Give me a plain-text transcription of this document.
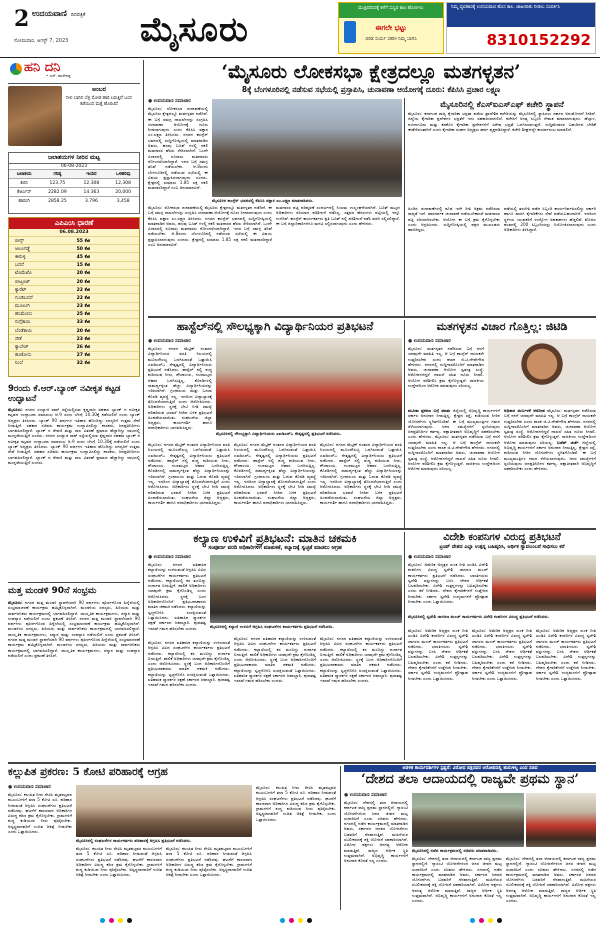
2 ಉದಯವಾಣಿ ದಿನಪತ್ರಿಕೆ
ಸೋಮವಾರ, ಆಗಸ್ಟ್ 7, 2023 ಮೈಸೂರು
ಮುಕ್ತಿಪರಿಸರಕ್ಕೆ ಕಳೆಗೆ ಸುಸ್ಥಿರ ಕಾಲ ಹೊರ್ಣಲು
ಈಗಲೇ ಭಟ್ಟು
ಬಿರಿಡ ಸುರ್ಯ ಸಹನೀ ನಿಮ್ಮ ಬಾಗಿಸಿ
ನಿಮ್ಮ ವ್ಯವಹಾರಕ್ಕೆ ಉದಯವಾಣಿ ಹೊಸ ಕಾಲ. ಜಾಹೀರಾತು ನೀಡಲು ಸಂಪರ್ಕಿಸಿ
8310152292
ಹನಿ ದನಿ
• ಎಸ್. ಹುಸೇನಪ್ಪ
ಅಂಬರ
ನೀಲಿ ಬಾನಿನ ಬೆಳ್ಳಿ ಮೋಡ ಹಾರಿ ಬರುತ್ತಿದೆ ಬಂದ ಕಡೆಯಿಂದ ಮತ್ತೆ ಹೊರಟಿದೆ
ಜಲಾಶಯಗಳ ನೀರಿನ ಮಟ್ಟ
06-08-2023
ಜಲಾಶಯ	ಗರಿಷ್ಠ	ಇಂದಿನ	ಒಳಹರಿವು
ಕಬಿನಿ	123.75	12.308	12,308
ಕೆಆರ್ಎಸ್	2282.09	14.363	20,000
ಹಾರಂಗಿ	2858.25	3.796	3,458
ಎಪಿಎಂಸಿ ಧಾರಣೆ
06.08.2023
ಬೀನ್ಸ್	55 ಕೆಜಿ
ಆಲೂಗಡ್ಡೆ	50 ಕೆಜಿ
ಈರುಳ್ಳಿ	45 ಕೆಜಿ
ಬದನೆ	15 ಕೆಜಿ
ಟೊಮೆಟೊ	20 ಕೆಜಿ
ಬೀಟ್ರೂಟ್	20 ಕೆಜಿ
ಕ್ಯಾರೆಟ್	22 ಕೆಜಿ
ಗುಂಡಿಬದನೆ	22 ಕೆಜಿ
ಮೂಲಂಗಿ	23 ಕೆಜಿ
ಹಸಿಮೆಣಸು	25 ಕೆಜಿ
ನುಗ್ಗೆಕಾಯಿ	33 ಕೆಜಿ
ಬೆಂಡೆಕಾಯಿ	20 ಕೆಜಿ
ಸೌತೆ	23 ಕೆಜಿ
ಕ್ಯಾಬೇಜ್	26 ಕೆಜಿ
ಹೂಕೋಸು	27 ಕೆಜಿ
ನಿಂಬೆ	32 ಕೆಜಿ
9ರಂದು ಕೆ.ಆರ್.ಬ್ಯಾಂಕ್ ನವೀಕೃತ ಕಟ್ಟಡ ಉದ್ಘಾಟನೆ
ಮೈಸೂರು: ನಗರದ ಸಯ್ಯಾಜಿ ರಾವ್ ರಸ್ತೆಯಲ್ಲಿರುವ ಕೃಷ್ಣರಾಜ ಸಹಕಾರ ಬ್ಯಾಂಕ್ ನ ನವೀಕೃತ ಕಟ್ಟಡದ ಉದ್ಘಾಟನಾ ಸಮಾರಂಭ ಆ.9 ರಂದು ಬೆಳಗ್ಗೆ 10.30ಕ್ಕೆ ನಡೆಯಲಿದೆ ಎಂದು ಬ್ಯಾಂಕ್ ಅಧ್ಯಕ್ಷರು ತಿಳಿಸಿದರು. ಬ್ಯಾಂಕ್ 90 ವರ್ಷಗಳ ಇತಿಹಾಸ ಹೊಂದಿದ್ದು ಸದಸ್ಯರಿಗೆ ಉತ್ತಮ ಸೇವೆ ನೀಡುತ್ತಿದೆ. ಸಹಕಾರ ಸಚಿವರು ಕಾರ್ಯಕ್ರಮ ಉದ್ಘಾಟಿಸಲಿದ್ದು ಶಾಸಕರು, ಜನಪ್ರತಿನಿಧಿಗಳು ಭಾಗವಹಿಸಲಿದ್ದಾರೆ. ಬ್ಯಾಂಕ್ ನ ಠೇವಣಿ ಮತ್ತು ಸಾಲ ವಿತರಣೆ ಪ್ರಮಾಣ ಹೆಚ್ಚಾಗಿದ್ದು ಲಾಭದಲ್ಲಿ ಮುನ್ನಡೆಯುತ್ತಿದೆ ಎಂದರು. ನಗರದ ಸಯ್ಯಾಜಿ ರಾವ್ ರಸ್ತೆಯಲ್ಲಿರುವ ಕೃಷ್ಣರಾಜ ಸಹಕಾರ ಬ್ಯಾಂಕ್ ನ ನವೀಕೃತ ಕಟ್ಟಡದ ಉದ್ಘಾಟನಾ ಸಮಾರಂಭ ಆ.9 ರಂದು ಬೆಳಗ್ಗೆ 10.30ಕ್ಕೆ ನಡೆಯಲಿದೆ ಎಂದು ಬ್ಯಾಂಕ್ ಅಧ್ಯಕ್ಷರು ತಿಳಿಸಿದರು. ಬ್ಯಾಂಕ್ 90 ವರ್ಷಗಳ ಇತಿಹಾಸ ಹೊಂದಿದ್ದು ಸದಸ್ಯರಿಗೆ ಉತ್ತಮ ಸೇವೆ ನೀಡುತ್ತಿದೆ. ಸಹಕಾರ ಸಚಿವರು ಕಾರ್ಯಕ್ರಮ ಉದ್ಘಾಟಿಸಲಿದ್ದು ಶಾಸಕರು, ಜನಪ್ರತಿನಿಧಿಗಳು ಭಾಗವಹಿಸಲಿದ್ದಾರೆ. ಬ್ಯಾಂಕ್ ನ ಠೇವಣಿ ಮತ್ತು ಸಾಲ ವಿತರಣೆ ಪ್ರಮಾಣ ಹೆಚ್ಚಾಗಿದ್ದು ಲಾಭದಲ್ಲಿ ಮುನ್ನಡೆಯುತ್ತಿದೆ ಎಂದರು.
ಮತ್ತ ಮಂಡಳಿ 90ನೆ ಸಂಭ್ರಮ
ಮೈಸೂರು: ನಗರದ ಮತ್ತ ಮಂಡಳಿ ಸ್ಥಾಪನೆಯಾಗಿ 90 ವರ್ಷಗಳು ಪೂರ್ಣಗೊಂಡ ಹಿನ್ನೆಲೆಯಲ್ಲಿ ಸಂಭ್ರಮಾಚರಣೆ ಕಾರ್ಯಕ್ರಮ ಹಮ್ಮಿಕೊಳ್ಳಲಾಗಿದೆ. ಮಂಡಳಿಯ ಸದಸ್ಯರು, ಹಿರಿಯರು ಮತ್ತು ಸಾರ್ವಜನಿಕರು ಕಾರ್ಯಕ್ರಮದಲ್ಲಿ ಭಾಗವಹಿಸಲಿದ್ದಾರೆ. ಸಾಂಸ್ಕೃತಿಕ ಕಾರ್ಯಕ್ರಮಗಳು, ಸನ್ಮಾನ ಮತ್ತು ಉಪನ್ಯಾಸ ನಡೆಯಲಿದೆ ಎಂದು ಪ್ರಕಟಣೆ ತಿಳಿಸಿದೆ. ನಗರದ ಮತ್ತ ಮಂಡಳಿ ಸ್ಥಾಪನೆಯಾಗಿ 90 ವರ್ಷಗಳು ಪೂರ್ಣಗೊಂಡ ಹಿನ್ನೆಲೆಯಲ್ಲಿ ಸಂಭ್ರಮಾಚರಣೆ ಕಾರ್ಯಕ್ರಮ ಹಮ್ಮಿಕೊಳ್ಳಲಾಗಿದೆ. ಮಂಡಳಿಯ ಸದಸ್ಯರು, ಹಿರಿಯರು ಮತ್ತು ಸಾರ್ವಜನಿಕರು ಕಾರ್ಯಕ್ರಮದಲ್ಲಿ ಭಾಗವಹಿಸಲಿದ್ದಾರೆ. ಸಾಂಸ್ಕೃತಿಕ ಕಾರ್ಯಕ್ರಮಗಳು, ಸನ್ಮಾನ ಮತ್ತು ಉಪನ್ಯಾಸ ನಡೆಯಲಿದೆ ಎಂದು ಪ್ರಕಟಣೆ ತಿಳಿಸಿದೆ. ನಗರದ ಮತ್ತ ಮಂಡಳಿ ಸ್ಥಾಪನೆಯಾಗಿ 90 ವರ್ಷಗಳು ಪೂರ್ಣಗೊಂಡ ಹಿನ್ನೆಲೆಯಲ್ಲಿ ಸಂಭ್ರಮಾಚರಣೆ ಕಾರ್ಯಕ್ರಮ ಹಮ್ಮಿಕೊಳ್ಳಲಾಗಿದೆ. ಮಂಡಳಿಯ ಸದಸ್ಯರು, ಹಿರಿಯರು ಮತ್ತು ಸಾರ್ವಜನಿಕರು ಕಾರ್ಯಕ್ರಮದಲ್ಲಿ ಭಾಗವಹಿಸಲಿದ್ದಾರೆ. ಸಾಂಸ್ಕೃತಿಕ ಕಾರ್ಯಕ್ರಮಗಳು, ಸನ್ಮಾನ ಮತ್ತು ಉಪನ್ಯಾಸ ನಡೆಯಲಿದೆ ಎಂದು ಪ್ರಕಟಣೆ ತಿಳಿಸಿದೆ.
‘ಮೈಸೂರು ಲೋಕಸಭಾ ಕ್ಷೇತ್ರದಲ್ಲೂ ಮತಗಳ್ಳತನ’
8ಕ್ಕೆ ಬೆಂಗಳೂರಿನಲ್ಲಿ ನಡೆಸುವ ಸಭೆಯಲ್ಲಿ ಪ್ರಸ್ತಾಪಿಸಿ, ಚುನಾವಣಾ ಆಯೋಗಕ್ಕೆ ದೂರು: ಕೆಪಿಸಿಸಿ ಪ್ರಚಾರ ಲಕ್ಷ್ಮಣ
● ಉದಯವಾಣಿ ಸಮಾಚಾರ
ಮೈಸೂರು: ಲೋಕಸಭಾ ಚುನಾವಣೆಯಲ್ಲಿ ಮೈಸೂರು ಕ್ಷೇತ್ರದಲ್ಲೂ ಮತಗಳ್ಳತನ ನಡೆದಿದೆ. ಈ ಬಗ್ಗೆ ಸಮಗ್ರ ದಾಖಲೆಗಳನ್ನು ಸಂಗ್ರಹಿಸಿ ಚುನಾವಣಾ ಆಯೋಗಕ್ಕೆ ದೂರು ನೀಡಲಾಗುವುದು ಎಂದು ಕೆಪಿಸಿಸಿ ವಕ್ತಾರ ಎಂ.ಲಕ್ಷ್ಮಣ ತಿಳಿಸಿದರು. ನಗರದ ಕಾಂಗ್ರೆಸ್ ಭವನದಲ್ಲಿ ಸುದ್ದಿಗೋಷ್ಠಿಯಲ್ಲಿ ಮಾತನಾಡಿದ ಅವರು, ಹಲವು ಬೂತ್ ಗಳಲ್ಲಿ ನಕಲಿ ಮತದಾರರ ಹೆಸರು ಸೇರಿಸಲಾಗಿದೆ. ಒಂದೇ ವಿಳಾಸದಲ್ಲಿ ನೂರಾರು ಮತದಾರರು ನೋಂದಣಿಯಾಗಿದ್ದಾರೆ. ಇದರ ಬಗ್ಗೆ ಸಮಗ್ರ ತನಿಖೆ ನಡೆಯಬೇಕು. ಆ.8ರಂದು ಬೆಂಗಳೂರಿನಲ್ಲಿ ನಡೆಯುವ ಸಭೆಯಲ್ಲಿ ಈ ವಿಷಯ ಪ್ರಸ್ತಾಪಿಸಲಾಗುವುದು ಎಂದರು. ಕ್ಷೇತ್ರದಲ್ಲಿ ಸುಮಾರು 1.85 ಲಕ್ಷ ನಕಲಿ ಮತದಾರರಿದ್ದಾರೆ ಎಂಬ ಅನುಮಾನವಿದೆ.
ಮೈಸೂರಿನ ಕಾಂಗ್ರೆಸ್ ಭವನದಲ್ಲಿ ಕೆಪಿಸಿಸಿ ವಕ್ತಾರ ಎಂ.ಲಕ್ಷ್ಮಣ ಮಾತನಾಡಿದರು.
ಮೈಸೂರು: ಲೋಕಸಭಾ ಚುನಾವಣೆಯಲ್ಲಿ ಮೈಸೂರು ಕ್ಷೇತ್ರದಲ್ಲೂ ಮತಗಳ್ಳತನ ನಡೆದಿದೆ. ಈ ಬಗ್ಗೆ ಸಮಗ್ರ ದಾಖಲೆಗಳನ್ನು ಸಂಗ್ರಹಿಸಿ ಚುನಾವಣಾ ಆಯೋಗಕ್ಕೆ ದೂರು ನೀಡಲಾಗುವುದು ಎಂದು ಕೆಪಿಸಿಸಿ ವಕ್ತಾರ ಎಂ.ಲಕ್ಷ್ಮಣ ತಿಳಿಸಿದರು. ನಗರದ ಕಾಂಗ್ರೆಸ್ ಭವನದಲ್ಲಿ ಸುದ್ದಿಗೋಷ್ಠಿಯಲ್ಲಿ ಮಾತನಾಡಿದ ಅವರು, ಹಲವು ಬೂತ್ ಗಳಲ್ಲಿ ನಕಲಿ ಮತದಾರರ ಹೆಸರು ಸೇರಿಸಲಾಗಿದೆ. ಒಂದೇ ವಿಳಾಸದಲ್ಲಿ ನೂರಾರು ಮತದಾರರು ನೋಂದಣಿಯಾಗಿದ್ದಾರೆ. ಇದರ ಬಗ್ಗೆ ಸಮಗ್ರ ತನಿಖೆ ನಡೆಯಬೇಕು. ಆ.8ರಂದು ಬೆಂಗಳೂರಿನಲ್ಲಿ ನಡೆಯುವ ಸಭೆಯಲ್ಲಿ ಈ ವಿಷಯ ಪ್ರಸ್ತಾಪಿಸಲಾಗುವುದು ಎಂದರು. ಕ್ಷೇತ್ರದಲ್ಲಿ ಸುಮಾರು 1.85 ಲಕ್ಷ ನಕಲಿ ಮತದಾರರಿದ್ದಾರೆ ಎಂಬ ಅನುಮಾನವಿದೆ.
ಮತದಾರರ ಪಟ್ಟಿ ಪರಿಷ್ಕರಣೆ ಸಂದರ್ಭದಲ್ಲಿ ನಿಯಮ ಉಲ್ಲಂಘನೆಯಾಗಿದೆ. ಬೂತ್ ಮಟ್ಟದ ಅಧಿಕಾರಿಗಳು ಸರಿಯಾದ ಪರಿಶೀಲನೆ ನಡೆಸಿಲ್ಲ. ಸತ್ತವರ ಹೆಸರುಗಳು ಪಟ್ಟಿಯಲ್ಲಿ ಇನ್ನೂ ಉಳಿದಿವೆ. ಕಾಂಗ್ರೆಸ್ ಕಾರ್ಯಕರ್ತರು ಪ್ರತಿ ಬೂತ್ ನಲ್ಲಿ ಪರಿಶೀಲನೆ ನಡೆಸಿ ವರದಿ ಸಲ್ಲಿಸಲಿದ್ದಾರೆ. ಈ ಬಗ್ಗೆ ಜಿಲ್ಲಾಧಿಕಾರಿಗಳಿಗೂ ಮನವಿ ಸಲ್ಲಿಸಲಾಗುವುದು ಎಂದು ಹೇಳಿದರು.
ಮೈಸೂರಿನಲ್ಲಿ ಕೆಎಸ್‌ಐಎಸ್ಎಫ್ ಕಚೇರಿ ಸ್ಥಾಪನೆ
ಮೈಸೂರು: ಕರ್ನಾಟಕ ರಾಜ್ಯ ಕೈಗಾರಿಕಾ ಭದ್ರತಾ ಪಡೆಯ ಪ್ರಾದೇಶಿಕ ಕಚೇರಿಯನ್ನು ಮೈಸೂರಿನಲ್ಲಿ ಸ್ಥಾಪಿಸಲು ಸರ್ಕಾರ ಅನುಮೋದನೆ ನೀಡಿದೆ. ಜಿಲ್ಲೆಯ ಕೈಗಾರಿಕಾ ಪ್ರದೇಶಗಳ ಭದ್ರತೆಗೆ ಇದು ಸಹಕಾರಿಯಾಗಲಿದೆ. ಕಚೇರಿಗೆ ಅಗತ್ಯ ಸಿಬ್ಬಂದಿ ನೇಮಕ ಮಾಡಲಾಗುವುದು. ಹೆಬ್ಬಾಳ, ನಂಜನಗೂಡು ಮತ್ತು ಕಡಕೊಳ ಕೈಗಾರಿಕಾ ಪ್ರದೇಶಗಳಿಗೆ ವಿಶೇಷ ಭದ್ರತೆ ಒದಗಿಸಲಾಗುತ್ತದೆ. ಉದ್ದಿಮೆದಾರರ ಬಹುದಿನದ ಬೇಡಿಕೆ ಈಡೇರಿದಂತಾಗಿದೆ ಎಂದು ಕೈಗಾರಿಕಾ ಸಂಘದ ಅಧ್ಯಕ್ಷರು ಹರ್ಷ ವ್ಯಕ್ತಪಡಿಸಿದ್ದಾರೆ. ಕಚೇರಿ ಶೀಘ್ರದಲ್ಲೇ ಕಾರ್ಯಾರಂಭ ಮಾಡಲಿದೆ.
ಹಿಂದಿನ ಚುನಾವಣೆಗಳಲ್ಲಿ ಕೂಡ ಇದೇ ರೀತಿ ಅಕ್ರಮ ನಡೆದಿರುವ ಸಾಧ್ಯತೆ ಇದೆ. ಪಾರದರ್ಶಕ ಚುನಾವಣೆ ನಡೆಯಬೇಕಾದರೆ ಮತದಾರರ ಪಟ್ಟಿ ಸರಿಯಾಗಿರಬೇಕು. ಆಯೋಗ ಈ ಬಗ್ಗೆ ಕ್ರಮ ಕೈಗೊಳ್ಳಬೇಕು ಎಂದು ಆಗ್ರಹಿಸಿದರು. ಸುದ್ದಿಗೋಷ್ಠಿಯಲ್ಲಿ ಪಕ್ಷದ ಮುಖಂಡರು ಹಾಜರಿದ್ದರು.
ಪಡೆಯಲ್ಲಿ ತರಬೇತಿ ಪಡೆದ ಸಿಬ್ಬಂದಿ ಕಾರ್ಯನಿರ್ವಹಿಸಲಿದ್ದು ಸರ್ಕಾರಿ ಹಾಗೂ ಖಾಸಗಿ ಕೈಗಾರಿಕೆಗಳು ಸೇವೆ ಪಡೆಯಬಹುದಾಗಿದೆ. ಇದರಿಂದ ಸ್ಥಳೀಯ ಯುವಕರಿಗೆ ಉದ್ಯೋಗ ಅವಕಾಶಗಳು ಹೆಚ್ಚಲಿವೆ. ಮೊದಲ ಹಂತದಲ್ಲಿ 200 ಸಿಬ್ಬಂದಿಯನ್ನು ನಿಯೋಜಿಸಲಾಗುವುದು ಎಂದು ಅಧಿಕಾರಿಗಳು ತಿಳಿಸಿದ್ದಾರೆ.
ಹಾಸ್ಟೆಲ್‌ನಲ್ಲಿ ಸೌಲಭ್ಯಕ್ಕಾಗಿ ವಿದ್ಯಾರ್ಥಿನಿಯರ ಪ್ರತಿಭಟನೆ
● ಉದಯವಾಣಿ ಸಮಾಚಾರ
ಮೈಸೂರು: ನಗರದ ಮೆಟ್ರಿಕ್ ನಂತರದ ವಿದ್ಯಾರ್ಥಿನಿಯರ ವಸತಿ ನಿಲಯದಲ್ಲಿ ಮೂಲಸೌಲಭ್ಯ ಒದಗಿಸುವಂತೆ ಒತ್ತಾಯಿಸಿ ಎಐಡಿಎಸ್ಒ ನೇತೃತ್ವದಲ್ಲಿ ವಿದ್ಯಾರ್ಥಿನಿಯರು ಪ್ರತಿಭಟನೆ ನಡೆಸಿದರು. ಹಾಸ್ಟೆಲ್ ನಲ್ಲಿ ಶುದ್ಧ ಕುಡಿಯುವ ನೀರು, ಶೌಚಾಲಯ, ಗುಣಮಟ್ಟದ ಆಹಾರ ಒದಗಿಸುತ್ತಿಲ್ಲ. ಕೊಠಡಿಗಳಲ್ಲಿ ಸಾಮರ್ಥ್ಯಕ್ಕಿಂತ ಹೆಚ್ಚು ವಿದ್ಯಾರ್ಥಿನಿಯರನ್ನು ಇರಿಸಲಾಗಿದೆ. ಗ್ರಂಥಾಲಯ ಮತ್ತು ಓದುವ ಕೊಠಡಿ ವ್ಯವಸ್ಥೆ ಇಲ್ಲ. ಇದರಿಂದ ವಿದ್ಯಾಭ್ಯಾಸಕ್ಕೆ ತೊಂದರೆಯಾಗುತ್ತಿದೆ ಎಂದು ಆರೋಪಿಸಿದರು. ಅಧಿಕಾರಿಗಳು ಸ್ಥಳಕ್ಕೆ ಭೇಟಿ ನೀಡಿ ಸಮಸ್ಯೆ ಪರಿಹರಿಸುವ ಭರವಸೆ ನೀಡಿದ ಬಳಿಕ ಪ್ರತಿಭಟನೆ ಹಿಂಪಡೆಯಲಾಯಿತು. ಸಂಘಟನೆಯ ಜಿಲ್ಲಾ ಅಧ್ಯಕ್ಷರು, ಕಾರ್ಯದರ್ಶಿ ಹಾಗೂ ಪದಾಧಿಕಾರಿಗಳು ಭಾಗವಹಿಸಿದ್ದರು.
ಮೈಸೂರಿನಲ್ಲಿ ಸೌಲಭ್ಯಕ್ಕಾಗಿ ವಿದ್ಯಾರ್ಥಿನಿಯರು ಎಐಡಿಎಸ್ಒ ನೇತೃತ್ವದಲ್ಲಿ ಪ್ರತಿಭಟನೆ ನಡೆಸಿದರು.
ಮೈಸೂರು: ನಗರದ ಮೆಟ್ರಿಕ್ ನಂತರದ ವಿದ್ಯಾರ್ಥಿನಿಯರ ವಸತಿ ನಿಲಯದಲ್ಲಿ ಮೂಲಸೌಲಭ್ಯ ಒದಗಿಸುವಂತೆ ಒತ್ತಾಯಿಸಿ ಎಐಡಿಎಸ್ಒ ನೇತೃತ್ವದಲ್ಲಿ ವಿದ್ಯಾರ್ಥಿನಿಯರು ಪ್ರತಿಭಟನೆ ನಡೆಸಿದರು. ಹಾಸ್ಟೆಲ್ ನಲ್ಲಿ ಶುದ್ಧ ಕುಡಿಯುವ ನೀರು, ಶೌಚಾಲಯ, ಗುಣಮಟ್ಟದ ಆಹಾರ ಒದಗಿಸುತ್ತಿಲ್ಲ. ಕೊಠಡಿಗಳಲ್ಲಿ ಸಾಮರ್ಥ್ಯಕ್ಕಿಂತ ಹೆಚ್ಚು ವಿದ್ಯಾರ್ಥಿನಿಯರನ್ನು ಇರಿಸಲಾಗಿದೆ. ಗ್ರಂಥಾಲಯ ಮತ್ತು ಓದುವ ಕೊಠಡಿ ವ್ಯವಸ್ಥೆ ಇಲ್ಲ. ಇದರಿಂದ ವಿದ್ಯಾಭ್ಯಾಸಕ್ಕೆ ತೊಂದರೆಯಾಗುತ್ತಿದೆ ಎಂದು ಆರೋಪಿಸಿದರು. ಅಧಿಕಾರಿಗಳು ಸ್ಥಳಕ್ಕೆ ಭೇಟಿ ನೀಡಿ ಸಮಸ್ಯೆ ಪರಿಹರಿಸುವ ಭರವಸೆ ನೀಡಿದ ಬಳಿಕ ಪ್ರತಿಭಟನೆ ಹಿಂಪಡೆಯಲಾಯಿತು. ಸಂಘಟನೆಯ ಜಿಲ್ಲಾ ಅಧ್ಯಕ್ಷರು, ಕಾರ್ಯದರ್ಶಿ ಹಾಗೂ ಪದಾಧಿಕಾರಿಗಳು ಭಾಗವಹಿಸಿದ್ದರು.
ಮೈಸೂರು: ನಗರದ ಮೆಟ್ರಿಕ್ ನಂತರದ ವಿದ್ಯಾರ್ಥಿನಿಯರ ವಸತಿ ನಿಲಯದಲ್ಲಿ ಮೂಲಸೌಲಭ್ಯ ಒದಗಿಸುವಂತೆ ಒತ್ತಾಯಿಸಿ ಎಐಡಿಎಸ್ಒ ನೇತೃತ್ವದಲ್ಲಿ ವಿದ್ಯಾರ್ಥಿನಿಯರು ಪ್ರತಿಭಟನೆ ನಡೆಸಿದರು. ಹಾಸ್ಟೆಲ್ ನಲ್ಲಿ ಶುದ್ಧ ಕುಡಿಯುವ ನೀರು, ಶೌಚಾಲಯ, ಗುಣಮಟ್ಟದ ಆಹಾರ ಒದಗಿಸುತ್ತಿಲ್ಲ. ಕೊಠಡಿಗಳಲ್ಲಿ ಸಾಮರ್ಥ್ಯಕ್ಕಿಂತ ಹೆಚ್ಚು ವಿದ್ಯಾರ್ಥಿನಿಯರನ್ನು ಇರಿಸಲಾಗಿದೆ. ಗ್ರಂಥಾಲಯ ಮತ್ತು ಓದುವ ಕೊಠಡಿ ವ್ಯವಸ್ಥೆ ಇಲ್ಲ. ಇದರಿಂದ ವಿದ್ಯಾಭ್ಯಾಸಕ್ಕೆ ತೊಂದರೆಯಾಗುತ್ತಿದೆ ಎಂದು ಆರೋಪಿಸಿದರು. ಅಧಿಕಾರಿಗಳು ಸ್ಥಳಕ್ಕೆ ಭೇಟಿ ನೀಡಿ ಸಮಸ್ಯೆ ಪರಿಹರಿಸುವ ಭರವಸೆ ನೀಡಿದ ಬಳಿಕ ಪ್ರತಿಭಟನೆ ಹಿಂಪಡೆಯಲಾಯಿತು. ಸಂಘಟನೆಯ ಜಿಲ್ಲಾ ಅಧ್ಯಕ್ಷರು, ಕಾರ್ಯದರ್ಶಿ ಹಾಗೂ ಪದಾಧಿಕಾರಿಗಳು ಭಾಗವಹಿಸಿದ್ದರು.
ಮೈಸೂರು: ನಗರದ ಮೆಟ್ರಿಕ್ ನಂತರದ ವಿದ್ಯಾರ್ಥಿನಿಯರ ವಸತಿ ನಿಲಯದಲ್ಲಿ ಮೂಲಸೌಲಭ್ಯ ಒದಗಿಸುವಂತೆ ಒತ್ತಾಯಿಸಿ ಎಐಡಿಎಸ್ಒ ನೇತೃತ್ವದಲ್ಲಿ ವಿದ್ಯಾರ್ಥಿನಿಯರು ಪ್ರತಿಭಟನೆ ನಡೆಸಿದರು. ಹಾಸ್ಟೆಲ್ ನಲ್ಲಿ ಶುದ್ಧ ಕುಡಿಯುವ ನೀರು, ಶೌಚಾಲಯ, ಗುಣಮಟ್ಟದ ಆಹಾರ ಒದಗಿಸುತ್ತಿಲ್ಲ. ಕೊಠಡಿಗಳಲ್ಲಿ ಸಾಮರ್ಥ್ಯಕ್ಕಿಂತ ಹೆಚ್ಚು ವಿದ್ಯಾರ್ಥಿನಿಯರನ್ನು ಇರಿಸಲಾಗಿದೆ. ಗ್ರಂಥಾಲಯ ಮತ್ತು ಓದುವ ಕೊಠಡಿ ವ್ಯವಸ್ಥೆ ಇಲ್ಲ. ಇದರಿಂದ ವಿದ್ಯಾಭ್ಯಾಸಕ್ಕೆ ತೊಂದರೆಯಾಗುತ್ತಿದೆ ಎಂದು ಆರೋಪಿಸಿದರು. ಅಧಿಕಾರಿಗಳು ಸ್ಥಳಕ್ಕೆ ಭೇಟಿ ನೀಡಿ ಸಮಸ್ಯೆ ಪರಿಹರಿಸುವ ಭರವಸೆ ನೀಡಿದ ಬಳಿಕ ಪ್ರತಿಭಟನೆ ಹಿಂಪಡೆಯಲಾಯಿತು. ಸಂಘಟನೆಯ ಜಿಲ್ಲಾ ಅಧ್ಯಕ್ಷರು, ಕಾರ್ಯದರ್ಶಿ ಹಾಗೂ ಪದಾಧಿಕಾರಿಗಳು ಭಾಗವಹಿಸಿದ್ದರು.
ಮತಗಳ್ಳತನ ವಿಚಾರ ಗೊತ್ತಿಲ್ಲ: ಜಿಟಿಡಿ
● ಉದಯವಾಣಿ ಸಮಾಚಾರ
ಮೈಸೂರು: ಮತಗಳ್ಳತನ ನಡೆದಿರುವ ಬಗ್ಗೆ ನನಗೆ ಯಾವುದೇ ಮಾಹಿತಿ ಇಲ್ಲ. ಆ ಬಗ್ಗೆ ಕಾಂಗ್ರೆಸ್ ನಾಯಕರೇ ಉತ್ತರಿಸಬೇಕು ಎಂದು ಶಾಸಕ ಜಿ.ಟಿ.ದೇವೇಗೌಡ ಹೇಳಿದರು. ನಗರದಲ್ಲಿ ಸುದ್ದಿಗಾರರೊಂದಿಗೆ ಮಾತನಾಡಿದ ಅವರು, ಚುನಾವಣಾ ಆಯೋಗ ಸ್ವತಂತ್ರ ಸಂಸ್ಥೆ. ಆರೋಪಗಳಿದ್ದರೆ ದಾಖಲೆ ಸಹಿತ ದೂರು ನೀಡಲಿ. ಆಯೋಗ ಪರಿಶೀಲಿಸಿ ಕ್ರಮ ಕೈಗೊಳ್ಳುತ್ತದೆ. ರಾಜಕೀಯ ಉದ್ದೇಶದಿಂದ ಆರೋಪ ಮಾಡುವುದು ಸರಿಯಲ್ಲ.
ಮೂಡಾ ಪ್ರಕರಣ ಬಗ್ಗೆ ಮಾತು ಜಿಲ್ಲೆಯಲ್ಲಿ ಅಭಿವೃದ್ಧಿ ಕಾರ್ಯಗಳಿಗೆ ಸರ್ಕಾರ ಅನುದಾನ ನೀಡುತ್ತಿಲ್ಲ. ಕ್ಷೇತ್ರದ ರಸ್ತೆ, ಕುಡಿಯುವ ನೀರಿನ ಯೋಜನೆಗಳು ಸ್ಥಗಿತಗೊಂಡಿವೆ. ಈ ಬಗ್ಗೆ ಮುಖ್ಯಮಂತ್ರಿಗಳ ಗಮನ ಸೆಳೆಯಲಾಗುವುದು. ಜನರ ಸಮಸ್ಯೆಗಳಿಗೆ ಸ್ಪಂದಿಸುವುದು ಜನಪ್ರತಿನಿಧಿಗಳ ಕರ್ತವ್ಯ. ಪಕ್ಷಾತೀತವಾಗಿ ಅಭಿವೃದ್ಧಿಗೆ ಸಹಕರಿಸಬೇಕು ಎಂದು ಹೇಳಿದರು. ಮೈಸೂರು: ಮತಗಳ್ಳತನ ನಡೆದಿರುವ ಬಗ್ಗೆ ನನಗೆ ಯಾವುದೇ ಮಾಹಿತಿ ಇಲ್ಲ. ಆ ಬಗ್ಗೆ ಕಾಂಗ್ರೆಸ್ ನಾಯಕರೇ ಉತ್ತರಿಸಬೇಕು ಎಂದು ಶಾಸಕ ಜಿ.ಟಿ.ದೇವೇಗೌಡ ಹೇಳಿದರು. ನಗರದಲ್ಲಿ ಸುದ್ದಿಗಾರರೊಂದಿಗೆ ಮಾತನಾಡಿದ ಅವರು, ಚುನಾವಣಾ ಆಯೋಗ ಸ್ವತಂತ್ರ ಸಂಸ್ಥೆ. ಆರೋಪಗಳಿದ್ದರೆ ದಾಖಲೆ ಸಹಿತ ದೂರು ನೀಡಲಿ. ಆಯೋಗ ಪರಿಶೀಲಿಸಿ ಕ್ರಮ ಕೈಗೊಳ್ಳುತ್ತದೆ. ರಾಜಕೀಯ ಉದ್ದೇಶದಿಂದ ಆರೋಪ ಮಾಡುವುದು ಸರಿಯಲ್ಲ.
ಅಧಿಕಾರ ದುರ್ಬಳಕೆ ಆರೋಪ ಮೈಸೂರು: ಮತಗಳ್ಳತನ ನಡೆದಿರುವ ಬಗ್ಗೆ ನನಗೆ ಯಾವುದೇ ಮಾಹಿತಿ ಇಲ್ಲ. ಆ ಬಗ್ಗೆ ಕಾಂಗ್ರೆಸ್ ನಾಯಕರೇ ಉತ್ತರಿಸಬೇಕು ಎಂದು ಶಾಸಕ ಜಿ.ಟಿ.ದೇವೇಗೌಡ ಹೇಳಿದರು. ನಗರದಲ್ಲಿ ಸುದ್ದಿಗಾರರೊಂದಿಗೆ ಮಾತನಾಡಿದ ಅವರು, ಚುನಾವಣಾ ಆಯೋಗ ಸ್ವತಂತ್ರ ಸಂಸ್ಥೆ. ಆರೋಪಗಳಿದ್ದರೆ ದಾಖಲೆ ಸಹಿತ ದೂರು ನೀಡಲಿ. ಆಯೋಗ ಪರಿಶೀಲಿಸಿ ಕ್ರಮ ಕೈಗೊಳ್ಳುತ್ತದೆ. ರಾಜಕೀಯ ಉದ್ದೇಶದಿಂದ ಆರೋಪ ಮಾಡುವುದು ಸರಿಯಲ್ಲ. ಬಜೆಟ್ ಚರ್ಚೆ ಜಿಲ್ಲೆಯಲ್ಲಿ ಅಭಿವೃದ್ಧಿ ಕಾರ್ಯಗಳಿಗೆ ಸರ್ಕಾರ ಅನುದಾನ ನೀಡುತ್ತಿಲ್ಲ. ಕ್ಷೇತ್ರದ ರಸ್ತೆ, ಕುಡಿಯುವ ನೀರಿನ ಯೋಜನೆಗಳು ಸ್ಥಗಿತಗೊಂಡಿವೆ. ಈ ಬಗ್ಗೆ ಮುಖ್ಯಮಂತ್ರಿಗಳ ಗಮನ ಸೆಳೆಯಲಾಗುವುದು. ಜನರ ಸಮಸ್ಯೆಗಳಿಗೆ ಸ್ಪಂದಿಸುವುದು ಜನಪ್ರತಿನಿಧಿಗಳ ಕರ್ತವ್ಯ. ಪಕ್ಷಾತೀತವಾಗಿ ಅಭಿವೃದ್ಧಿಗೆ ಸಹಕರಿಸಬೇಕು ಎಂದು ಹೇಳಿದರು.
ಕಲ್ಯಾಣ ಉಳಿವಿಗೆ ಪ್ರತಿಭಟನೆ: ಮಾತಿನ ಚಕಮಕಿ
ಸಂಪೂರ್ಣ ವರದಿ ಅಧಿಕಾರಿಗಳಿಗೆ ಮಾತುಕತೆ, ಕಲ್ಯಾಣಕ್ಕೆ ಸ್ವಚ್ಛತೆ ಮಾಡಲು ಆಗ್ರಹ
● ಉದಯವಾಣಿ ಸಮಾಚಾರ
ಮೈಸೂರು: ನಗರದ ಐತಿಹಾಸಿಕ ಕಲ್ಯಾಣಿಯನ್ನು ಉಳಿಸುವಂತೆ ಆಗ್ರಹಿಸಿ ವಿವಿಧ ಸಂಘಟನೆಗಳ ಕಾರ್ಯಕರ್ತರು ಪ್ರತಿಭಟನೆ ನಡೆಸಿದರು. ಕಲ್ಯಾಣಿಯಲ್ಲಿ ಕಸ ತುಂಬಿದ್ದು ದುರ್ನಾತ ಬೀರುತ್ತಿದೆ. ಪಾಲಿಕೆ ಅಧಿಕಾರಿಗಳು ಯಾವುದೇ ಕ್ರಮ ಕೈಗೊಂಡಿಲ್ಲ ಎಂದು ಆರೋಪಿಸಿದರು. ಸ್ಥಳಕ್ಕೆ ಬಂದ ಅಧಿಕಾರಿಗಳೊಂದಿಗೆ ಪ್ರತಿಭಟನಾಕಾರರು ಮಾತಿನ ಚಕಮಕಿ ನಡೆಸಿದರು. ಕಲ್ಯಾಣಿಯನ್ನು ಸ್ವಚ್ಛಗೊಳಿಸಿ ಸಂರಕ್ಷಿಸುವಂತೆ ಒತ್ತಾಯಿಸಿದರು. ಐತಿಹಾಸಿಕ ಸ್ಮಾರಕಗಳ ರಕ್ಷಣೆ ಸರ್ಕಾರದ ಜವಾಬ್ದಾರಿ. ಪುರಾತತ್ವ ಇಲಾಖೆ ಗಮನ ಹರಿಸಬೇಕು ಎಂದರು.	ಮೈಸೂರಿನಲ್ಲಿ ಕಲ್ಯಾಣಿ ಉಳಿವಿಗೆ ಆಗ್ರಹಿಸಿ ಸಂಘಟನೆಗಳ ಕಾರ್ಯಕರ್ತರು ಪ್ರತಿಭಟನೆ ನಡೆಸಿದರು.
ಮೈಸೂರು: ನಗರದ ಐತಿಹಾಸಿಕ ಕಲ್ಯಾಣಿಯನ್ನು ಉಳಿಸುವಂತೆ ಆಗ್ರಹಿಸಿ ವಿವಿಧ ಸಂಘಟನೆಗಳ ಕಾರ್ಯಕರ್ತರು ಪ್ರತಿಭಟನೆ ನಡೆಸಿದರು. ಕಲ್ಯಾಣಿಯಲ್ಲಿ ಕಸ ತುಂಬಿದ್ದು ದುರ್ನಾತ ಬೀರುತ್ತಿದೆ. ಪಾಲಿಕೆ ಅಧಿಕಾರಿಗಳು ಯಾವುದೇ ಕ್ರಮ ಕೈಗೊಂಡಿಲ್ಲ ಎಂದು ಆರೋಪಿಸಿದರು. ಸ್ಥಳಕ್ಕೆ ಬಂದ ಅಧಿಕಾರಿಗಳೊಂದಿಗೆ ಪ್ರತಿಭಟನಾಕಾರರು ಮಾತಿನ ಚಕಮಕಿ ನಡೆಸಿದರು. ಕಲ್ಯಾಣಿಯನ್ನು ಸ್ವಚ್ಛಗೊಳಿಸಿ ಸಂರಕ್ಷಿಸುವಂತೆ ಒತ್ತಾಯಿಸಿದರು. ಐತಿಹಾಸಿಕ ಸ್ಮಾರಕಗಳ ರಕ್ಷಣೆ ಸರ್ಕಾರದ ಜವಾಬ್ದಾರಿ. ಪುರಾತತ್ವ ಇಲಾಖೆ ಗಮನ ಹರಿಸಬೇಕು ಎಂದರು.
ಮೈಸೂರು: ನಗರದ ಐತಿಹಾಸಿಕ ಕಲ್ಯಾಣಿಯನ್ನು ಉಳಿಸುವಂತೆ ಆಗ್ರಹಿಸಿ ವಿವಿಧ ಸಂಘಟನೆಗಳ ಕಾರ್ಯಕರ್ತರು ಪ್ರತಿಭಟನೆ ನಡೆಸಿದರು. ಕಲ್ಯಾಣಿಯಲ್ಲಿ ಕಸ ತುಂಬಿದ್ದು ದುರ್ನಾತ ಬೀರುತ್ತಿದೆ. ಪಾಲಿಕೆ ಅಧಿಕಾರಿಗಳು ಯಾವುದೇ ಕ್ರಮ ಕೈಗೊಂಡಿಲ್ಲ ಎಂದು ಆರೋಪಿಸಿದರು. ಸ್ಥಳಕ್ಕೆ ಬಂದ ಅಧಿಕಾರಿಗಳೊಂದಿಗೆ ಪ್ರತಿಭಟನಾಕಾರರು ಮಾತಿನ ಚಕಮಕಿ ನಡೆಸಿದರು. ಕಲ್ಯಾಣಿಯನ್ನು ಸ್ವಚ್ಛಗೊಳಿಸಿ ಸಂರಕ್ಷಿಸುವಂತೆ ಒತ್ತಾಯಿಸಿದರು. ಐತಿಹಾಸಿಕ ಸ್ಮಾರಕಗಳ ರಕ್ಷಣೆ ಸರ್ಕಾರದ ಜವಾಬ್ದಾರಿ. ಪುರಾತತ್ವ ಇಲಾಖೆ ಗಮನ ಹರಿಸಬೇಕು ಎಂದರು.
ಮೈಸೂರು: ನಗರದ ಐತಿಹಾಸಿಕ ಕಲ್ಯಾಣಿಯನ್ನು ಉಳಿಸುವಂತೆ ಆಗ್ರಹಿಸಿ ವಿವಿಧ ಸಂಘಟನೆಗಳ ಕಾರ್ಯಕರ್ತರು ಪ್ರತಿಭಟನೆ ನಡೆಸಿದರು. ಕಲ್ಯಾಣಿಯಲ್ಲಿ ಕಸ ತುಂಬಿದ್ದು ದುರ್ನಾತ ಬೀರುತ್ತಿದೆ. ಪಾಲಿಕೆ ಅಧಿಕಾರಿಗಳು ಯಾವುದೇ ಕ್ರಮ ಕೈಗೊಂಡಿಲ್ಲ ಎಂದು ಆರೋಪಿಸಿದರು. ಸ್ಥಳಕ್ಕೆ ಬಂದ ಅಧಿಕಾರಿಗಳೊಂದಿಗೆ ಪ್ರತಿಭಟನಾಕಾರರು ಮಾತಿನ ಚಕಮಕಿ ನಡೆಸಿದರು. ಕಲ್ಯಾಣಿಯನ್ನು ಸ್ವಚ್ಛಗೊಳಿಸಿ ಸಂರಕ್ಷಿಸುವಂತೆ ಒತ್ತಾಯಿಸಿದರು. ಐತಿಹಾಸಿಕ ಸ್ಮಾರಕಗಳ ರಕ್ಷಣೆ ಸರ್ಕಾರದ ಜವಾಬ್ದಾರಿ. ಪುರಾತತ್ವ ಇಲಾಖೆ ಗಮನ ಹರಿಸಬೇಕು ಎಂದರು.
ವಿದೇಶಿ ಕಂಪನಿಗಳ ವಿರುದ್ಧ ಪ್ರತಿಭಟನೆ
ಟ್ರಂಪ್ ದೇಶದ ಎಲ್ಲಾ ಉತ್ಪನ್ನ ಬಹಿಷ್ಕರಿಸಿ, ಆರ್ಥಿಕ ಸ್ವಾವಲಂಬನೆ ಸಾಧಿಸಲು ಕರೆ
● ಉದಯವಾಣಿ ಸಮಾಚಾರ
ಮೈಸೂರು: ಅಮೆರಿಕ ಅಧ್ಯಕ್ಷರ ಸುಂಕ ನೀತಿ ಖಂಡಿಸಿ ವಿದೇಶಿ ಕಂಪನಿಗಳ ವಿರುದ್ಧ ಸ್ವದೇಶಿ ಜಾಗರಣ ಮಂಚ್ ಕಾರ್ಯಕರ್ತರು ಪ್ರತಿಭಟನೆ ನಡೆಸಿದರು. ಭಾರತೀಯರು ಸ್ವದೇಶಿ ವಸ್ತುಗಳನ್ನು ಬಳಸಿ ದೇಶದ ಆರ್ಥಿಕತೆ ಬಲಪಡಿಸಬೇಕು. ವಿದೇಶಿ ಉತ್ಪನ್ನಗಳನ್ನು ಬಹಿಷ್ಕರಿಸಬೇಕು ಎಂದು ಕರೆ ನೀಡಿದರು. ದೇಶದ ಕೈಗಾರಿಕೆಗಳಿಗೆ ಉತ್ತೇಜನ ನೀಡಬೇಕು. ಸರ್ಕಾರ ಸ್ವದೇಶಿ ಉದ್ಯಮಗಳಿಗೆ ಪ್ರೋತ್ಸಾಹ ನೀಡಬೇಕು ಎಂದು ಒತ್ತಾಯಿಸಿದರು.
ಮೈಸೂರಿನಲ್ಲಿ ಸ್ವದೇಶಿ ಜಾಗರಣ ಮಂಚ್ ಕಾರ್ಯಕರ್ತರು ವಿದೇಶಿ ಕಂಪನಿಗಳ ವಿರುದ್ಧ ಪ್ರತಿಭಟನೆ ನಡೆಸಿದರು.
ಮೈಸೂರು: ಅಮೆರಿಕ ಅಧ್ಯಕ್ಷರ ಸುಂಕ ನೀತಿ ಖಂಡಿಸಿ ವಿದೇಶಿ ಕಂಪನಿಗಳ ವಿರುದ್ಧ ಸ್ವದೇಶಿ ಜಾಗರಣ ಮಂಚ್ ಕಾರ್ಯಕರ್ತರು ಪ್ರತಿಭಟನೆ ನಡೆಸಿದರು. ಭಾರತೀಯರು ಸ್ವದೇಶಿ ವಸ್ತುಗಳನ್ನು ಬಳಸಿ ದೇಶದ ಆರ್ಥಿಕತೆ ಬಲಪಡಿಸಬೇಕು. ವಿದೇಶಿ ಉತ್ಪನ್ನಗಳನ್ನು ಬಹಿಷ್ಕರಿಸಬೇಕು ಎಂದು ಕರೆ ನೀಡಿದರು. ದೇಶದ ಕೈಗಾರಿಕೆಗಳಿಗೆ ಉತ್ತೇಜನ ನೀಡಬೇಕು. ಸರ್ಕಾರ ಸ್ವದೇಶಿ ಉದ್ಯಮಗಳಿಗೆ ಪ್ರೋತ್ಸಾಹ ನೀಡಬೇಕು ಎಂದು ಒತ್ತಾಯಿಸಿದರು.
ಮೈಸೂರು: ಅಮೆರಿಕ ಅಧ್ಯಕ್ಷರ ಸುಂಕ ನೀತಿ ಖಂಡಿಸಿ ವಿದೇಶಿ ಕಂಪನಿಗಳ ವಿರುದ್ಧ ಸ್ವದೇಶಿ ಜಾಗರಣ ಮಂಚ್ ಕಾರ್ಯಕರ್ತರು ಪ್ರತಿಭಟನೆ ನಡೆಸಿದರು. ಭಾರತೀಯರು ಸ್ವದೇಶಿ ವಸ್ತುಗಳನ್ನು ಬಳಸಿ ದೇಶದ ಆರ್ಥಿಕತೆ ಬಲಪಡಿಸಬೇಕು. ವಿದೇಶಿ ಉತ್ಪನ್ನಗಳನ್ನು ಬಹಿಷ್ಕರಿಸಬೇಕು ಎಂದು ಕರೆ ನೀಡಿದರು. ದೇಶದ ಕೈಗಾರಿಕೆಗಳಿಗೆ ಉತ್ತೇಜನ ನೀಡಬೇಕು. ಸರ್ಕಾರ ಸ್ವದೇಶಿ ಉದ್ಯಮಗಳಿಗೆ ಪ್ರೋತ್ಸಾಹ ನೀಡಬೇಕು ಎಂದು ಒತ್ತಾಯಿಸಿದರು.
ಮೈಸೂರು: ಅಮೆರಿಕ ಅಧ್ಯಕ್ಷರ ಸುಂಕ ನೀತಿ ಖಂಡಿಸಿ ವಿದೇಶಿ ಕಂಪನಿಗಳ ವಿರುದ್ಧ ಸ್ವದೇಶಿ ಜಾಗರಣ ಮಂಚ್ ಕಾರ್ಯಕರ್ತರು ಪ್ರತಿಭಟನೆ ನಡೆಸಿದರು. ಭಾರತೀಯರು ಸ್ವದೇಶಿ ವಸ್ತುಗಳನ್ನು ಬಳಸಿ ದೇಶದ ಆರ್ಥಿಕತೆ ಬಲಪಡಿಸಬೇಕು. ವಿದೇಶಿ ಉತ್ಪನ್ನಗಳನ್ನು ಬಹಿಷ್ಕರಿಸಬೇಕು ಎಂದು ಕರೆ ನೀಡಿದರು. ದೇಶದ ಕೈಗಾರಿಕೆಗಳಿಗೆ ಉತ್ತೇಜನ ನೀಡಬೇಕು. ಸರ್ಕಾರ ಸ್ವದೇಶಿ ಉದ್ಯಮಗಳಿಗೆ ಪ್ರೋತ್ಸಾಹ ನೀಡಬೇಕು ಎಂದು ಒತ್ತಾಯಿಸಿದರು.
ಕಲ್ಲುಪಿತ ಪ್ರಕರಣ: 5 ಕೋಟಿ ಪರಿಹಾರಕ್ಕೆ ಆಗ್ರಹ
● ಉದಯವಾಣಿ ಸಮಾಚಾರ
ಮೈಸೂರು: ಕಲುಷಿತ ನೀರು ಸೇವಿಸಿ ಮೃತಪಟ್ಟವರ ಕುಟುಂಬಗಳಿಗೆ ತಲಾ 5 ಕೋಟಿ ರೂ. ಪರಿಹಾರ ನೀಡುವಂತೆ ಆಗ್ರಹಿಸಿ ಸಂಘಟನೆಗಳು ಪ್ರತಿಭಟನೆ ನಡೆಸಿದವು. ಘಟನೆಗೆ ಕಾರಣರಾದ ಅಧಿಕಾರಿಗಳ ವಿರುದ್ಧ ಕಠಿಣ ಕ್ರಮ ಕೈಗೊಳ್ಳಬೇಕು. ಗ್ರಾಮಗಳಿಗೆ ಶುದ್ಧ ಕುಡಿಯುವ ನೀರು ಪೂರೈಸಬೇಕು. ಅಸ್ವಸ್ಥರಾದವರಿಗೆ ಉಚಿತ ಚಿಕಿತ್ಸೆ ನೀಡಬೇಕು ಎಂದು ಒತ್ತಾಯಿಸಿದರು.
ಮೈಸೂರಿನಲ್ಲಿ ಸಂಘಟನೆಗಳ ಕಾರ್ಯಕರ್ತರು ಪರಿಹಾರಕ್ಕೆ ಆಗ್ರಹಿಸಿ ಪ್ರತಿಭಟನೆ ನಡೆಸಿದರು.
ಮೈಸೂರು: ಕಲುಷಿತ ನೀರು ಸೇವಿಸಿ ಮೃತಪಟ್ಟವರ ಕುಟುಂಬಗಳಿಗೆ ತಲಾ 5 ಕೋಟಿ ರೂ. ಪರಿಹಾರ ನೀಡುವಂತೆ ಆಗ್ರಹಿಸಿ ಸಂಘಟನೆಗಳು ಪ್ರತಿಭಟನೆ ನಡೆಸಿದವು. ಘಟನೆಗೆ ಕಾರಣರಾದ ಅಧಿಕಾರಿಗಳ ವಿರುದ್ಧ ಕಠಿಣ ಕ್ರಮ ಕೈಗೊಳ್ಳಬೇಕು. ಗ್ರಾಮಗಳಿಗೆ ಶುದ್ಧ ಕುಡಿಯುವ ನೀರು ಪೂರೈಸಬೇಕು. ಅಸ್ವಸ್ಥರಾದವರಿಗೆ ಉಚಿತ ಚಿಕಿತ್ಸೆ ನೀಡಬೇಕು ಎಂದು ಒತ್ತಾಯಿಸಿದರು.
ಮೈಸೂರು: ಕಲುಷಿತ ನೀರು ಸೇವಿಸಿ ಮೃತಪಟ್ಟವರ ಕುಟುಂಬಗಳಿಗೆ ತಲಾ 5 ಕೋಟಿ ರೂ. ಪರಿಹಾರ ನೀಡುವಂತೆ ಆಗ್ರಹಿಸಿ ಸಂಘಟನೆಗಳು ಪ್ರತಿಭಟನೆ ನಡೆಸಿದವು. ಘಟನೆಗೆ ಕಾರಣರಾದ ಅಧಿಕಾರಿಗಳ ವಿರುದ್ಧ ಕಠಿಣ ಕ್ರಮ ಕೈಗೊಳ್ಳಬೇಕು. ಗ್ರಾಮಗಳಿಗೆ ಶುದ್ಧ ಕುಡಿಯುವ ನೀರು ಪೂರೈಸಬೇಕು. ಅಸ್ವಸ್ಥರಾದವರಿಗೆ ಉಚಿತ ಚಿಕಿತ್ಸೆ ನೀಡಬೇಕು ಎಂದು ಒತ್ತಾಯಿಸಿದರು.
ಮೈಸೂರು: ಕಲುಷಿತ ನೀರು ಸೇವಿಸಿ ಮೃತಪಟ್ಟವರ ಕುಟುಂಬಗಳಿಗೆ ತಲಾ 5 ಕೋಟಿ ರೂ. ಪರಿಹಾರ ನೀಡುವಂತೆ ಆಗ್ರಹಿಸಿ ಸಂಘಟನೆಗಳು ಪ್ರತಿಭಟನೆ ನಡೆಸಿದವು. ಘಟನೆಗೆ ಕಾರಣರಾದ ಅಧಿಕಾರಿಗಳ ವಿರುದ್ಧ ಕಠಿಣ ಕ್ರಮ ಕೈಗೊಳ್ಳಬೇಕು. ಗ್ರಾಮಗಳಿಗೆ ಶುದ್ಧ ಕುಡಿಯುವ ನೀರು ಪೂರೈಸಬೇಕು. ಅಸ್ವಸ್ಥರಾದವರಿಗೆ ಉಚಿತ ಚಿಕಿತ್ಸೆ ನೀಡಬೇಕು ಎಂದು ಒತ್ತಾಯಿಸಿದರು.
ಆಡಳಿತ ಕಾರ್ಯದರ್ಶಿಗಳ ಸ್ಪಷ್ಟನೆ: ವಿರೋಧ ಪಕ್ಷದವರ ಆರೋಪದಲ್ಲಿ ಹುರುಳಿಲ್ಲ ಎಂದ ಸಚಿವ
‘ದೇಶದ ತಲಾ ಆದಾಯದಲ್ಲಿ ರಾಜ್ಯವೇ ಪ್ರಥಮ ಸ್ಥಾನ’
● ಉದಯವಾಣಿ ಸಮಾಚಾರ
ಮೈಸೂರು: ದೇಶದಲ್ಲಿ ತಲಾ ಆದಾಯದಲ್ಲಿ ಕರ್ನಾಟಕ ರಾಜ್ಯ ಪ್ರಥಮ ಸ್ಥಾನದಲ್ಲಿದೆ. ಗ್ಯಾರಂಟಿ ಯೋಜನೆಗಳಿಂದ ಜನರ ಜೀವನ ಮಟ್ಟ ಸುಧಾರಿಸಿದೆ ಎಂದು ಸಚಿವರು ಹೇಳಿದರು. ನಗರದಲ್ಲಿ ನಡೆದ ಕಾರ್ಯಕ್ರಮದಲ್ಲಿ ಮಾತನಾಡಿದ ಅವರು, ಸರ್ಕಾರದ ಜನಪರ ಯೋಜನೆಗಳು ಬಡವರಿಗೆ ನೆರವಾಗುತ್ತಿವೆ. ಮಹಿಳೆಯರ ಸಬಲೀಕರಣಕ್ಕೆ ಶಕ್ತಿ ಯೋಜನೆ ಸಹಕಾರಿಯಾಗಿದೆ. ವಿರೋಧ ಪಕ್ಷಗಳು ಅನಗತ್ಯ ಆರೋಪ ಮಾಡುತ್ತಿವೆ. ರಾಜ್ಯದ ಆರ್ಥಿಕ ಸ್ಥಿತಿ ಉತ್ತಮವಾಗಿದೆ. ಅಭಿವೃದ್ಧಿ ಕಾರ್ಯಗಳಿಗೆ ಅನುದಾನ ಕೊರತೆ ಇಲ್ಲ ಎಂದರು.
ಮೈಸೂರಿನಲ್ಲಿ ನಡೆದ ಕಾರ್ಯಕ್ರಮದಲ್ಲಿ ಸಚಿವರು ಮಾತನಾಡಿದರು.
ಮೈಸೂರು: ದೇಶದಲ್ಲಿ ತಲಾ ಆದಾಯದಲ್ಲಿ ಕರ್ನಾಟಕ ರಾಜ್ಯ ಪ್ರಥಮ ಸ್ಥಾನದಲ್ಲಿದೆ. ಗ್ಯಾರಂಟಿ ಯೋಜನೆಗಳಿಂದ ಜನರ ಜೀವನ ಮಟ್ಟ ಸುಧಾರಿಸಿದೆ ಎಂದು ಸಚಿವರು ಹೇಳಿದರು. ನಗರದಲ್ಲಿ ನಡೆದ ಕಾರ್ಯಕ್ರಮದಲ್ಲಿ ಮಾತನಾಡಿದ ಅವರು, ಸರ್ಕಾರದ ಜನಪರ ಯೋಜನೆಗಳು ಬಡವರಿಗೆ ನೆರವಾಗುತ್ತಿವೆ. ಮಹಿಳೆಯರ ಸಬಲೀಕರಣಕ್ಕೆ ಶಕ್ತಿ ಯೋಜನೆ ಸಹಕಾರಿಯಾಗಿದೆ. ವಿರೋಧ ಪಕ್ಷಗಳು ಅನಗತ್ಯ ಆರೋಪ ಮಾಡುತ್ತಿವೆ. ರಾಜ್ಯದ ಆರ್ಥಿಕ ಸ್ಥಿತಿ ಉತ್ತಮವಾಗಿದೆ. ಅಭಿವೃದ್ಧಿ ಕಾರ್ಯಗಳಿಗೆ ಅನುದಾನ ಕೊರತೆ ಇಲ್ಲ ಎಂದರು.
ಮೈಸೂರು: ದೇಶದಲ್ಲಿ ತಲಾ ಆದಾಯದಲ್ಲಿ ಕರ್ನಾಟಕ ರಾಜ್ಯ ಪ್ರಥಮ ಸ್ಥಾನದಲ್ಲಿದೆ. ಗ್ಯಾರಂಟಿ ಯೋಜನೆಗಳಿಂದ ಜನರ ಜೀವನ ಮಟ್ಟ ಸುಧಾರಿಸಿದೆ ಎಂದು ಸಚಿವರು ಹೇಳಿದರು. ನಗರದಲ್ಲಿ ನಡೆದ ಕಾರ್ಯಕ್ರಮದಲ್ಲಿ ಮಾತನಾಡಿದ ಅವರು, ಸರ್ಕಾರದ ಜನಪರ ಯೋಜನೆಗಳು ಬಡವರಿಗೆ ನೆರವಾಗುತ್ತಿವೆ. ಮಹಿಳೆಯರ ಸಬಲೀಕರಣಕ್ಕೆ ಶಕ್ತಿ ಯೋಜನೆ ಸಹಕಾರಿಯಾಗಿದೆ. ವಿರೋಧ ಪಕ್ಷಗಳು ಅನಗತ್ಯ ಆರೋಪ ಮಾಡುತ್ತಿವೆ. ರಾಜ್ಯದ ಆರ್ಥಿಕ ಸ್ಥಿತಿ ಉತ್ತಮವಾಗಿದೆ. ಅಭಿವೃದ್ಧಿ ಕಾರ್ಯಗಳಿಗೆ ಅನುದಾನ ಕೊರತೆ ಇಲ್ಲ ಎಂದರು.
